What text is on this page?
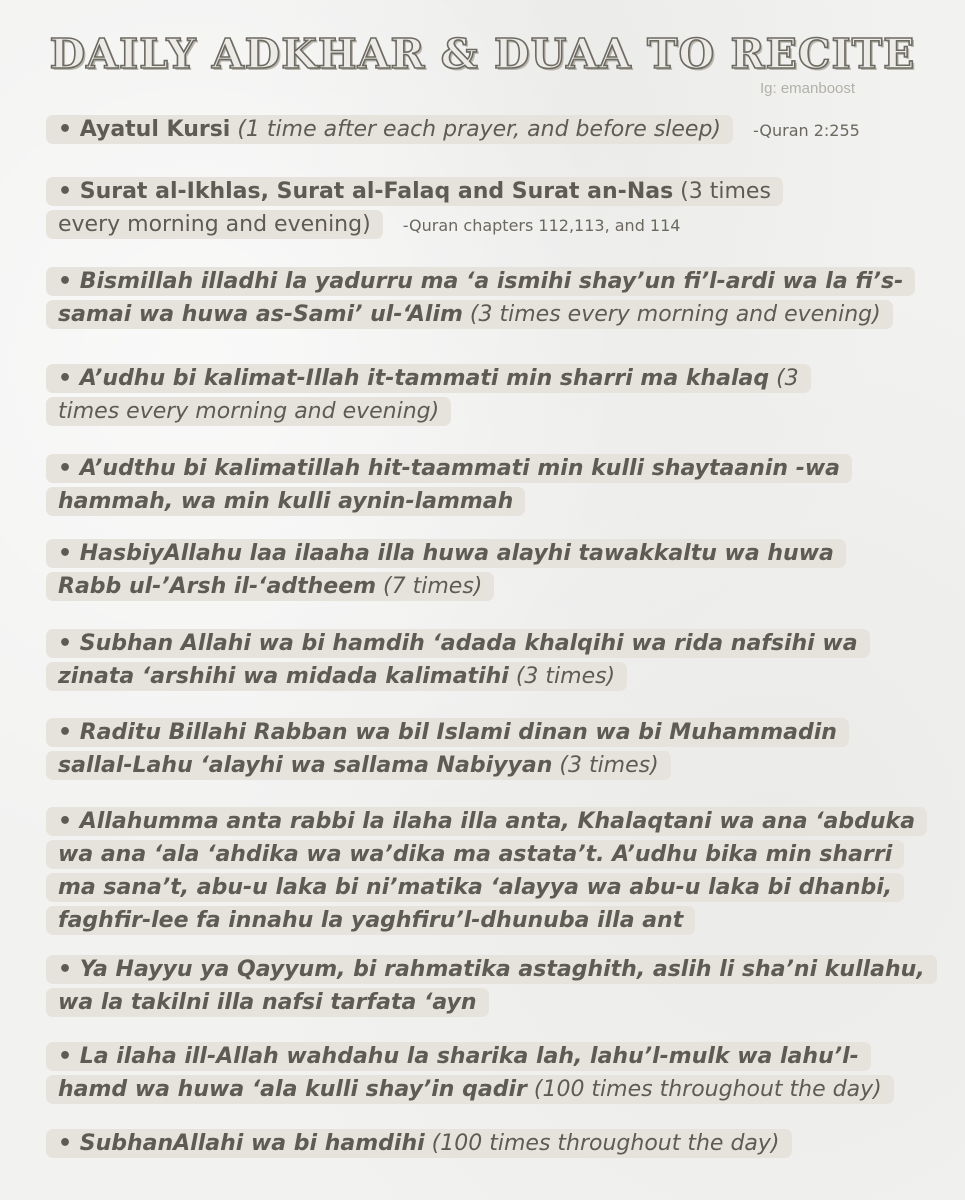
DAILY ADKHAR & DUAA TO RECITE
Ig: emanboost
• Ayatul Kursi (1 time after each prayer, and before sleep) -Quran 2:255
• Surat al-Ikhlas, Surat al-Falaq and Surat an-Nas (3 times every morning and evening) -Quran chapters 112,113, and 114
• Bismillah illadhi la yadurru ma ‘a ismihi shay’un fi’l-ardi wa la fi’s-samai wa huwa as-Sami’ ul-‘Alim (3 times every morning and evening)
• A’udhu bi kalimat-Illah it-tammati min sharri ma khalaq (3 times every morning and evening)
• A’udthu bi kalimatillah hit-taammati min kulli shaytaanin -wa hammah, wa min kulli aynin-lammah
• HasbiyAllahu laa ilaaha illa huwa alayhi tawakkaltu wa huwa Rabb ul-’Arsh il-‘adtheem (7 times)
• Subhan Allahi wa bi hamdih ‘adada khalqihi wa rida nafsihi wa zinata ‘arshihi wa midada kalimatihi (3 times)
• Raditu Billahi Rabban wa bil Islami dinan wa bi Muhammadin sallal-Lahu ‘alayhi wa sallama Nabiyyan (3 times)
• Allahumma anta rabbi la ilaha illa anta, Khalaqtani wa ana ‘abduka wa ana ‘ala ‘ahdika wa wa’dika ma astata’t. A’udhu bika min sharri ma sana’t, abu-u laka bi ni’matika ‘alayya wa abu-u laka bi dhanbi, faghfir-lee fa innahu la yaghfiru’l-dhunuba illa ant
• Ya Hayyu ya Qayyum, bi rahmatika astaghith, aslih li sha’ni kullahu, wa la takilni illa nafsi tarfata ‘ayn
• La ilaha ill-Allah wahdahu la sharika lah, lahu’l-mulk wa lahu’l-hamd wa huwa ‘ala kulli shay’in qadir (100 times throughout the day)
• SubhanAllahi wa bi hamdihi (100 times throughout the day)
